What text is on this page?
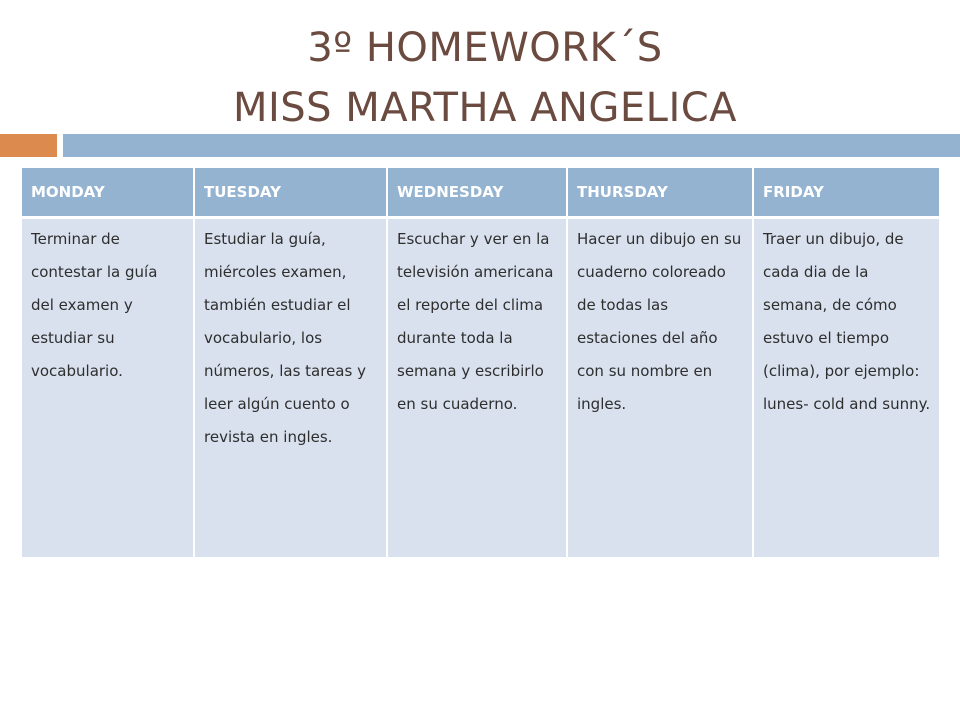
3º HOMEWORK´S
MISS MARTHA ANGELICA
MONDAY	TUESDAY	WEDNESDAY	THURSDAY	FRIDAY
Terminar de contestar la guía del examen y estudiar su vocabulario.	Estudiar la guía, miércoles examen, también estudiar el vocabulario, los números, las tareas y leer algún cuento o revista en ingles.	Escuchar y ver en la televisión americana el reporte del clima durante toda la semana y escribirlo en su cuaderno.	Hacer un dibujo en su cuaderno coloreado de todas las estaciones del año con su nombre en ingles.	Traer un dibujo, de cada dia de la semana, de cómo estuvo el tiempo (clima), por ejemplo: lunes- cold and sunny.
